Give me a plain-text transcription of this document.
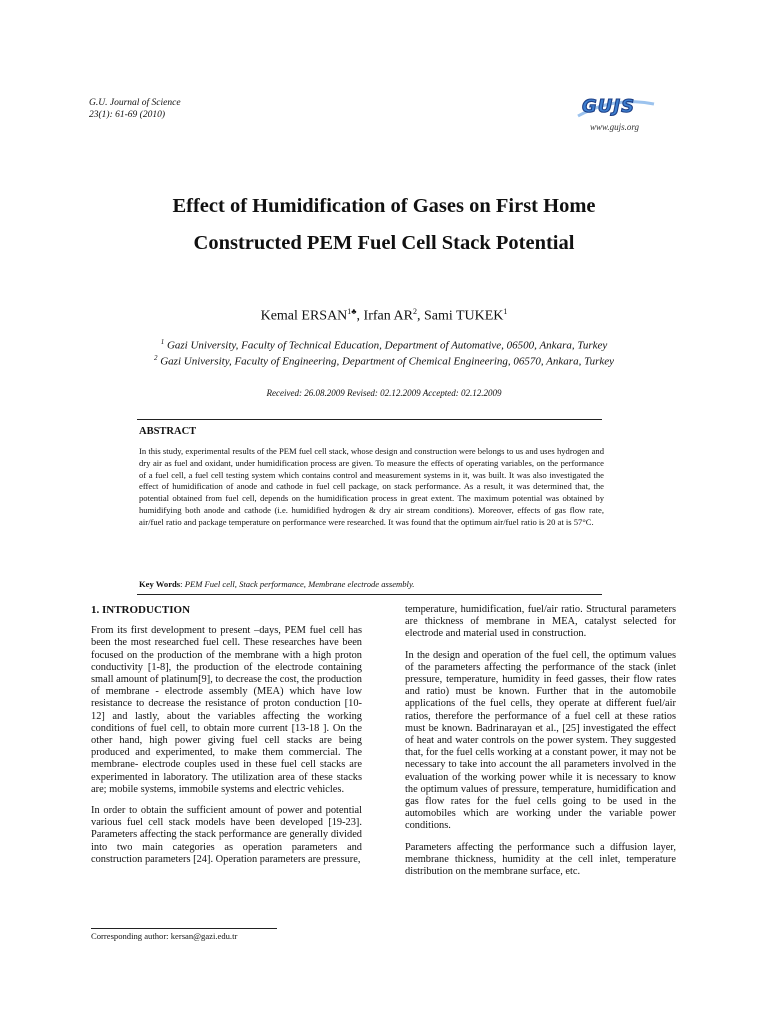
G.U. Journal of Science
23(1): 61-69 (2010)	GUJS
www.gujs.org
Effect of Humidification of Gases on First Home
Constructed PEM Fuel Cell Stack Potential
Kemal $ERSAN^{1♣}$, Irfan $AR^2$, Sami TUKEK$^1$
$^1$ Gazi University, Faculty of Technical Education, Department of Automative, 06500, Ankara, Turkey
$^2$ Gazi University, Faculty of Engineering, Department of Chemical Engineering, 06570, Ankara, Turkey
Received: 26.08.2009 Revised: 02.12.2009 Accepted: 02.12.2009
ABSTRACT
In this study, experimental results of the PEM fuel cell stack, whose design and construction were belongs to us and uses hydrogen and dry air as fuel and oxidant, under humidification process are given. To measure the effects of operating variables, on the performance of a fuel cell, a fuel cell testing system which contains control and measurement systems in it, was built. It was also investigated the effect of humidification of anode and cathode in fuel cell package, on stack performance. As a result, it was determined that, the potential obtained from fuel cell, depends on the humidification process in great extent. The maximum potential was obtained by humidifying both anode and cathode (i.e. humidified hydrogen & dry air stream conditions). Moreover, effects of gas flow rate, air/fuel ratio and package temperature on performance were researched. It was found that the optimum air/fuel ratio is 20 at is 57°C.
Key Words: PEM Fuel cell, Stack performance, Membrane electrode assembly.
1. INTRODUCTION

From its first development to present –days, PEM fuel cell has been the most researched fuel cell. These researches have been focused on the production of the membrane with a high proton conductivity [1-8], the production of the electrode containing small amount of platinum[9], to decrease the cost, the production of membrane - electrode assembly (MEA) which have low resistance to decrease the resistance of proton conduction [10-12] and lastly, about the variables affecting the working conditions of fuel cell, to obtain more current [13-18 ]. On the other hand, high power giving fuel cell stacks are being produced and experimented, to make them commercial. The membrane- electrode couples used in these fuel cell stacks are experimented in laboratory. The utilization area of these stacks are; mobile systems, immobile systems and electric vehicles.

In order to obtain the sufficient amount of power and potential various fuel cell stack models have been developed [19-23]. Parameters affecting the stack performance are generally divided into two main categories as operation parameters and construction parameters [24]. Operation parameters are pressure,

temperature, humidification, fuel/air ratio. Structural parameters are thickness of membrane in MEA, catalyst selected for electrode and material used in construction.

In the design and operation of the fuel cell, the optimum values of the parameters affecting the performance of the stack (inlet pressure, temperature, humidity in feed gasses, their flow rates and ratio) must be known. Further that in the automobile applications of the fuel cells, they operate at different fuel/air ratios, therefore the performance of a fuel cell at these ratios must be known. Badrinarayan et al., [25] investigated the effect of heat and water controls on the power system. They suggested that, for the fuel cells working at a constant power, it may not be necessary to take into account the all parameters involved in the evaluation of the working power while it is necessary to know the optimum values of pressure, temperature, humidification and gas flow rates for the fuel cells going to be used in the automobiles which are working under the variable power conditions.

Parameters affecting the performance such a diffusion layer, membrane thickness, humidity at the cell inlet, temperature distribution on the membrane surface, etc.

Corresponding author: kersan@gazi.edu.tr
